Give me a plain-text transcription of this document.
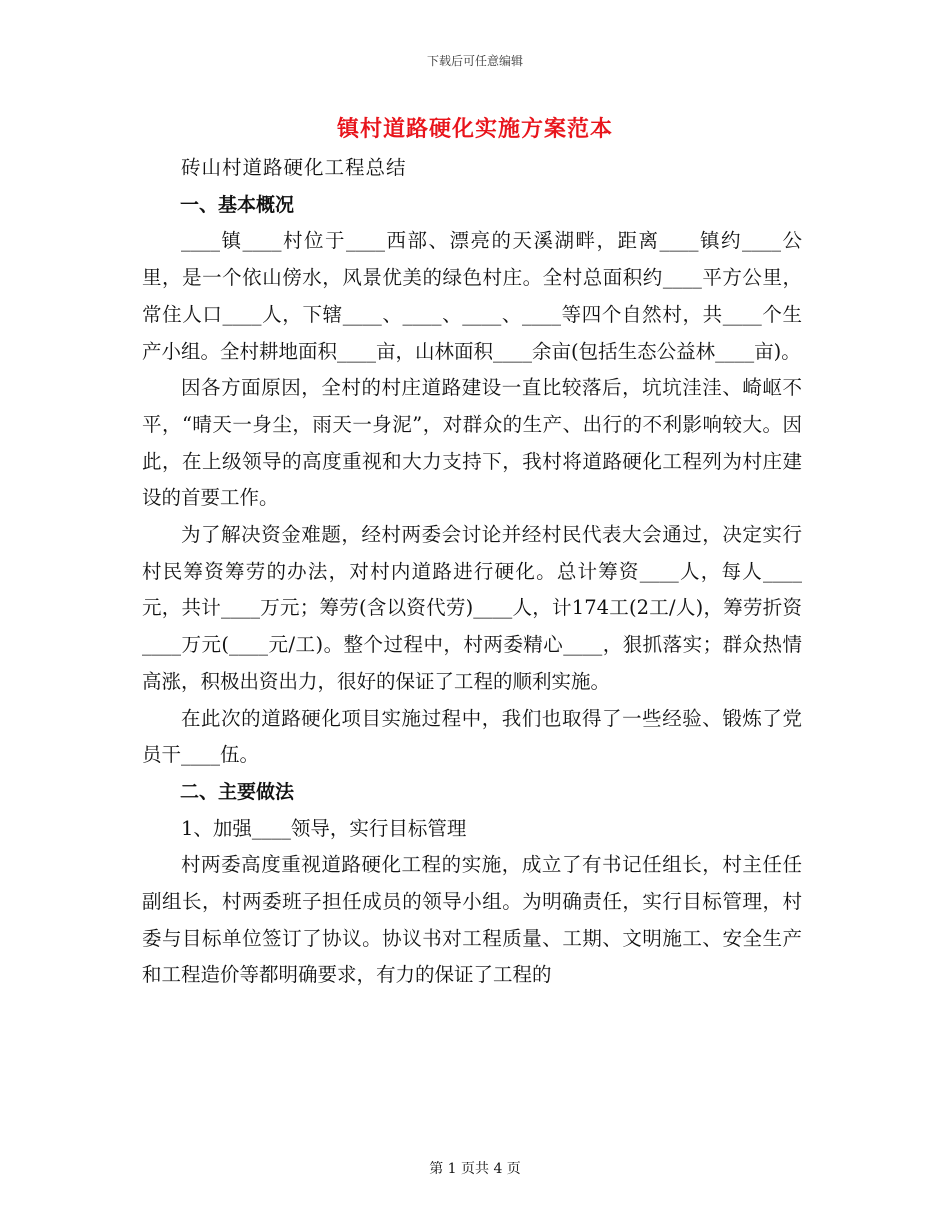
下载后可任意编辑
镇村道路硬化实施方案范本

砖山村道路硬化工程总结

一、基本概况

____镇____村位于____西部、漂亮的天溪湖畔，距离____镇约____公里，是一个依山傍水，风景优美的绿色村庄。全村总面积约____平方公里，常住人口____人，下辖____、____、____、____等四个自然村，共____个生产小组。全村耕地面积____亩，山林面积____余亩(包括生态公益林____亩)。

因各方面原因，全村的村庄道路建设一直比较落后，坑坑洼洼、崎岖不平，“晴天一身尘，雨天一身泥”，对群众的生产、出行的不利影响较大。因此，在上级领导的高度重视和大力支持下，我村将道路硬化工程列为村庄建设的首要工作。

为了解决资金难题，经村两委会讨论并经村民代表大会通过，决定实行村民筹资筹劳的办法，对村内道路进行硬化。总计筹资____人，每人____元，共计____万元；筹劳(含以资代劳)____人，计174工(2工/人)，筹劳折资____万元(____元/工)。整个过程中，村两委精心____，狠抓落实；群众热情高涨，积极出资出力，很好的保证了工程的顺利实施。

在此次的道路硬化项目实施过程中，我们也取得了一些经验、锻炼了党员干____伍。

二、主要做法

1、加强____领导，实行目标管理

村两委高度重视道路硬化工程的实施，成立了有书记任组长，村主任任副组长，村两委班子担任成员的领导小组。为明确责任，实行目标管理，村委与目标单位签订了协议。协议书对工程质量、工期、文明施工、安全生产和工程造价等都明确要求，有力的保证了工程的

第 1 页共 4 页
